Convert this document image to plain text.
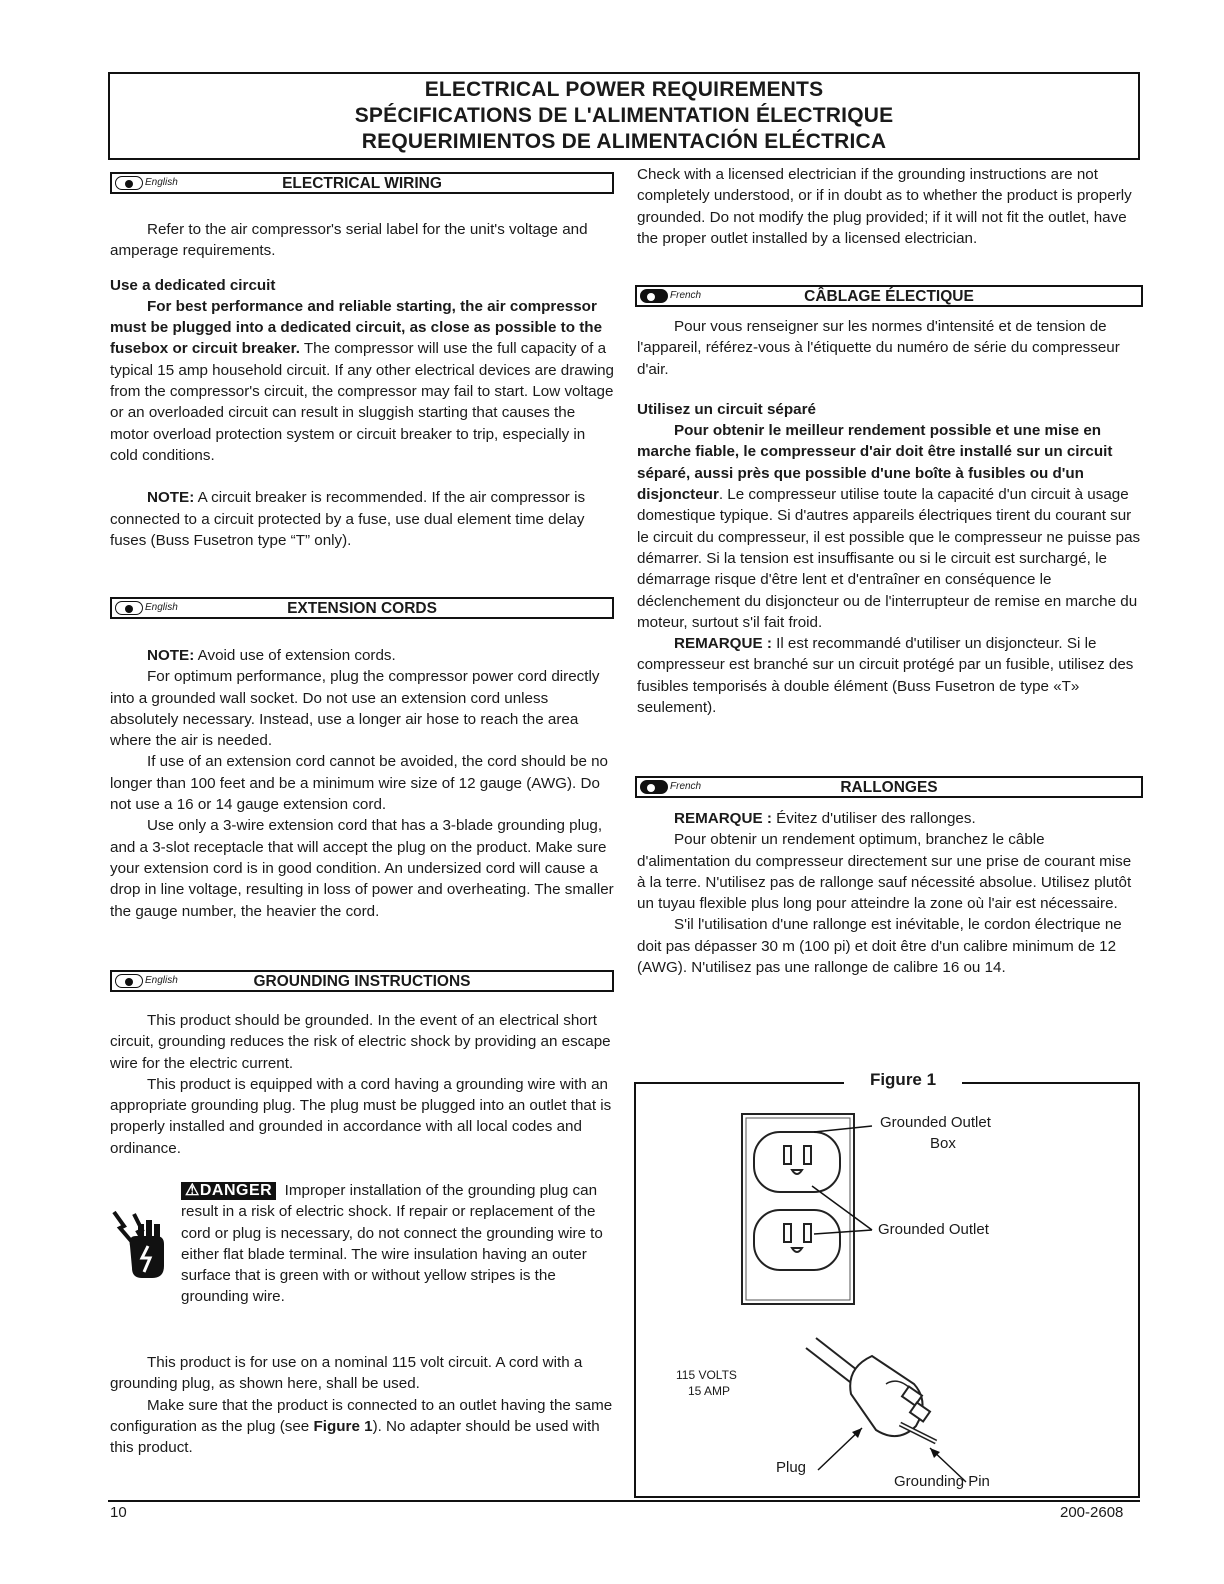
ELECTRICAL POWER REQUIREMENTS
SPÉCIFICATIONS DE L'ALIMENTATION ÉLECTRIQUE
REQUERIMIENTOS DE ALIMENTACIÓN ELÉCTRICA
English	ELECTRICAL WIRING

Refer to the air compressor's serial label for the unit's voltage and amperage requirements.

Use a dedicated circuit

For best performance and reliable starting, the air compressor must be plugged into a dedicated circuit, as close as possible to the fusebox or circuit breaker. The compressor will use the full capacity of a typical 15 amp household circuit. If any other electrical devices are drawing from the compressor's circuit, the compressor may fail to start. Low voltage or an overloaded circuit can result in sluggish starting that causes the motor overload protection system or circuit breaker to trip, especially in cold conditions.

NOTE: A circuit breaker is recommended. If the air compressor is connected to a circuit protected by a fuse, use dual element time delay fuses (Buss Fusetron type “T” only).

English	EXTENSION CORDS

NOTE: Avoid use of extension cords.

For optimum performance, plug the compressor power cord directly into a grounded wall socket. Do not use an extension cord unless absolutely necessary. Instead, use a longer air hose to reach the area where the air is needed.

If use of an extension cord cannot be avoided, the cord should be no longer than 100 feet and be a minimum wire size of 12 gauge (AWG). Do not use a 16 or 14 gauge extension cord.

Use only a 3-wire extension cord that has a 3-blade grounding plug, and a 3-slot receptacle that will accept the plug on the product. Make sure your extension cord is in good condition. An undersized cord will cause a drop in line voltage, resulting in loss of power and overheating. The smaller the gauge number, the heavier the cord.

English	GROUNDING INSTRUCTIONS

This product should be grounded. In the event of an electrical short circuit, grounding reduces the risk of electric shock by providing an escape wire for the electric current.

This product is equipped with a cord having a grounding wire with an appropriate grounding plug. The plug must be plugged into an outlet that is properly installed and grounded in accordance with all local codes and ordinance.

⚠DANGER Improper installation of the grounding plug can result in a risk of electric shock. If repair or replacement of the cord or plug is necessary, do not connect the grounding wire to either flat blade terminal. The wire insulation having an outer surface that is green with or without yellow stripes is the grounding wire.

This product is for use on a nominal 115 volt circuit. A cord with a grounding plug, as shown here, shall be used.

Make sure that the product is connected to an outlet having the same configuration as the plug (see Figure 1). No adapter should be used with this product.

Check with a licensed electrician if the grounding instructions are not completely understood, or if in doubt as to whether the product is properly grounded. Do not modify the plug provided; if it will not fit the outlet, have the proper outlet installed by a licensed electrician.

French	CÂBLAGE ÉLECTIQUE

Pour vous renseigner sur les normes d'intensité et de tension de l'appareil, référez-vous à l'étiquette du numéro de série du compresseur d'air.

Utilisez un circuit séparé

Pour obtenir le meilleur rendement possible et une mise en marche fiable, le compresseur d'air doit être installé sur un circuit séparé, aussi près que possible d'une boîte à fusibles ou d'un disjoncteur. Le compresseur utilise toute la capacité d'un circuit à usage domestique typique. Si d'autres appareils électriques tirent du courant sur le circuit du compresseur, il est possible que le compresseur ne puisse pas démarrer. Si la tension est insuffisante ou si le circuit est surchargé, le démarrage risque d'être lent et d'entraîner en conséquence le déclenchement du disjoncteur ou de l'interrupteur de remise en marche du moteur, surtout s'il fait froid.

REMARQUE : Il est recommandé d'utiliser un disjoncteur. Si le compresseur est branché sur un circuit protégé par un fusible, utilisez des fusibles temporisés à double élément (Buss Fusetron de type «T» seulement).

French	RALLONGES

REMARQUE : Évitez d'utiliser des rallonges.

Pour obtenir un rendement optimum, branchez le câble d'alimentation du compresseur directement sur une prise de courant mise à la terre. N'utilisez pas de rallonge sauf nécessité absolue. Utilisez plutôt un tuyau flexible plus long pour atteindre la zone où l'air est nécessaire.

S'il l'utilisation d'une rallonge est inévitable, le cordon électrique ne doit pas dépasser 30 m (100 pi) et doit être d'un calibre minimum de 12 (AWG). N'utilisez pas une rallonge de calibre 16 ou 14.

Figure 1
Grounded Outlet
Box
Grounded Outlet
115 VOLTS
15 AMP
Plug
Grounding Pin
10	200-2608
